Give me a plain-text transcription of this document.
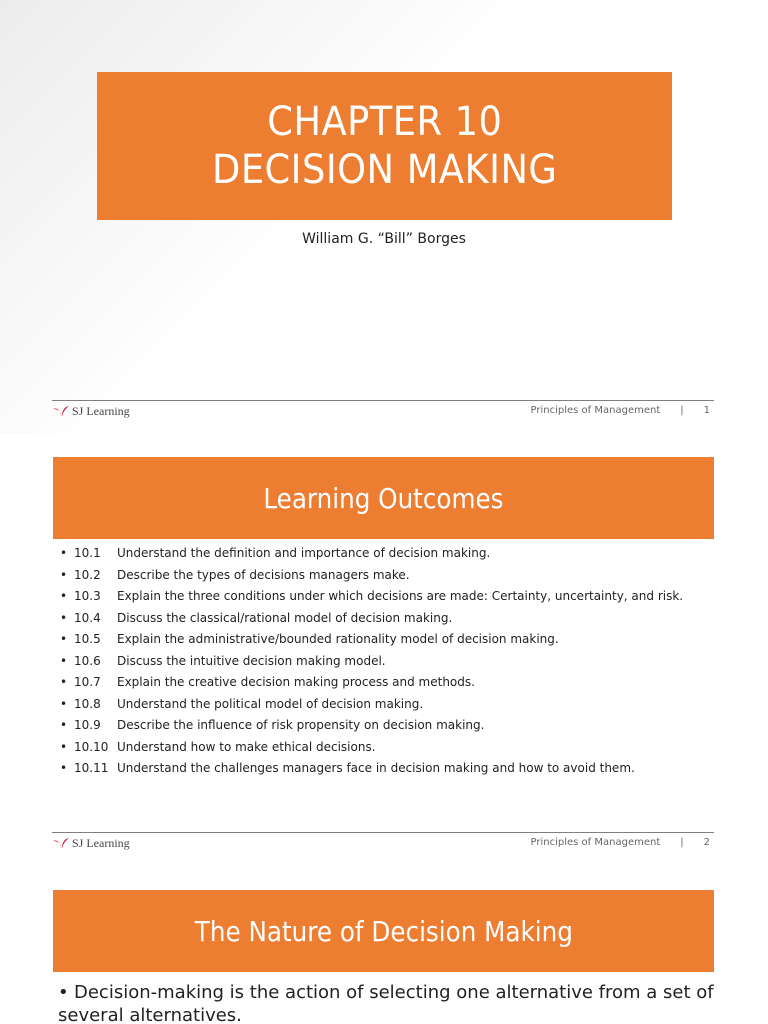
CHAPTER 10
DECISION MAKING
William G. “Bill” Borges
SJ Learning	Principles of Management | 1
Learning Outcomes
• 10.1	Understand the definition and importance of decision making.
• 10.2	Describe the types of decisions managers make.
• 10.3	Explain the three conditions under which decisions are made: Certainty, uncertainty, and risk.
• 10.4	Discuss the classical/rational model of decision making.
• 10.5	Explain the administrative/bounded rationality model of decision making.
• 10.6	Discuss the intuitive decision making model.
• 10.7	Explain the creative decision making process and methods.
• 10.8	Understand the political model of decision making.
• 10.9	Describe the influence of risk propensity on decision making.
• 10.10 Understand how to make ethical decisions.
• 10.11 Understand the challenges managers face in decision making and how to avoid them.
SJ Learning	Principles of Management | 2
The Nature of Decision Making
• Decision-making is the action of selecting one alternative from a set of several alternatives.
